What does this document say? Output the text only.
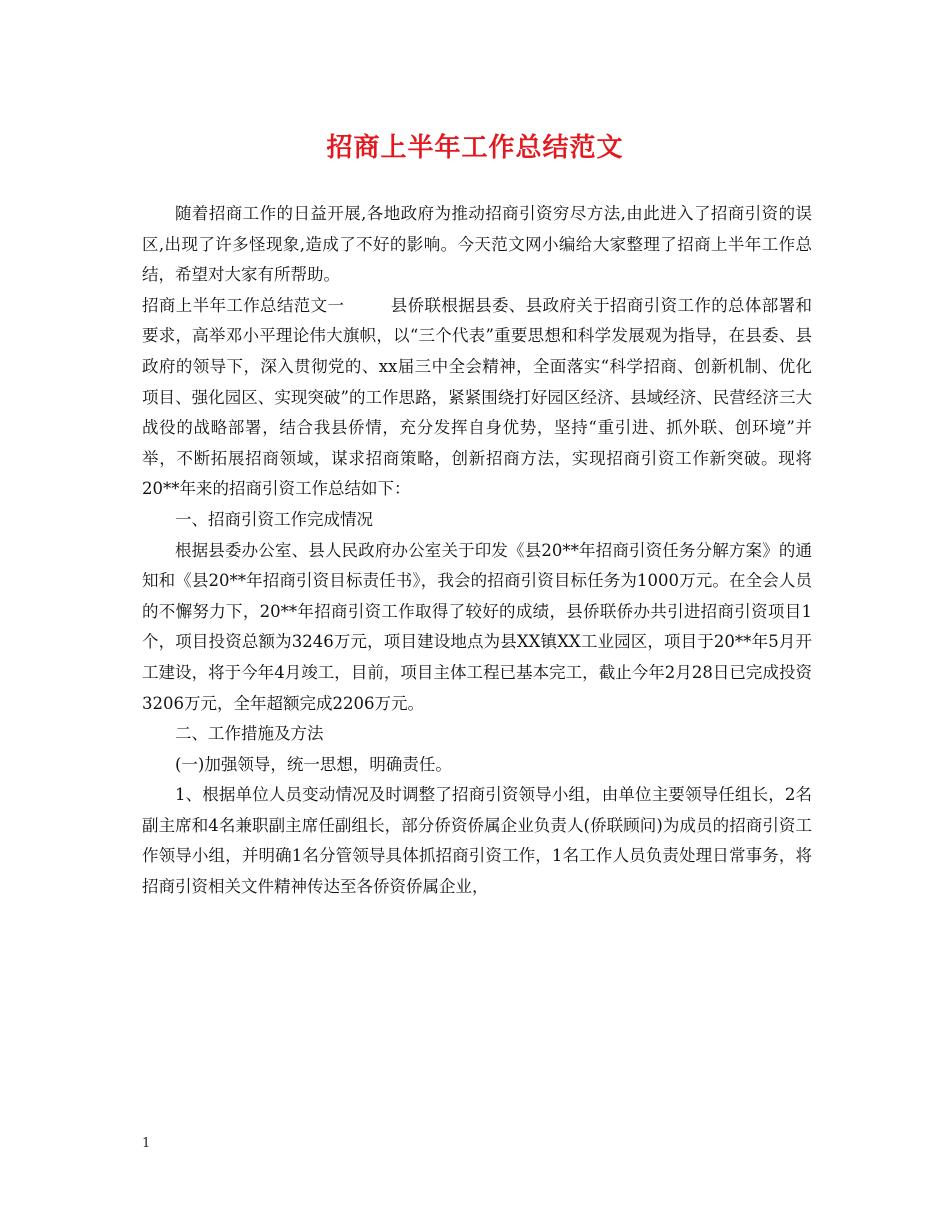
招商上半年工作总结范文

随着招商工作的日益开展,各地政府为推动招商引资穷尽方法,由此进入了招商引资的误区,出现了许多怪现象,造成了不好的影响。今天范文网小编给大家整理了招商上半年工作总结，希望对大家有所帮助。

招商上半年工作总结范文一	县侨联根据县委、县政府关于招商引资工作的总体部署和要求，高举邓小平理论伟大旗帜，以“三个代表”重要思想和科学发展观为指导，在县委、县政府的领导下，深入贯彻党的、xx届三中全会精神，全面落实“科学招商、创新机制、优化项目、强化园区、实现突破”的工作思路，紧紧围绕打好园区经济、县域经济、民营经济三大战役的战略部署，结合我县侨情，充分发挥自身优势，坚持“重引进、抓外联、创环境”并举，不断拓展招商领域，谋求招商策略，创新招商方法，实现招商引资工作新突破。现将20**年来的招商引资工作总结如下：

一、招商引资工作完成情况

根据县委办公室、县人民政府办公室关于印发《县20**年招商引资任务分解方案》的通知和《县20**年招商引资目标责任书》，我会的招商引资目标任务为1000万元。在全会人员的不懈努力下，20**年招商引资工作取得了较好的成绩，县侨联侨办共引进招商引资项目1个，项目投资总额为3246万元，项目建设地点为县XX镇XX工业园区，项目于20**年5月开工建设，将于今年4月竣工，目前，项目主体工程已基本完工，截止今年2月28日已完成投资3206万元，全年超额完成2206万元。

二、工作措施及方法

(一)加强领导，统一思想，明确责任。

1、根据单位人员变动情况及时调整了招商引资领导小组，由单位主要领导任组长，2名副主席和4名兼职副主席任副组长，部分侨资侨属企业负责人(侨联顾问)为成员的招商引资工作领导小组，并明确1名分管领导具体抓招商引资工作，1名工作人员负责处理日常事务，将招商引资相关文件精神传达至各侨资侨属企业，

1
